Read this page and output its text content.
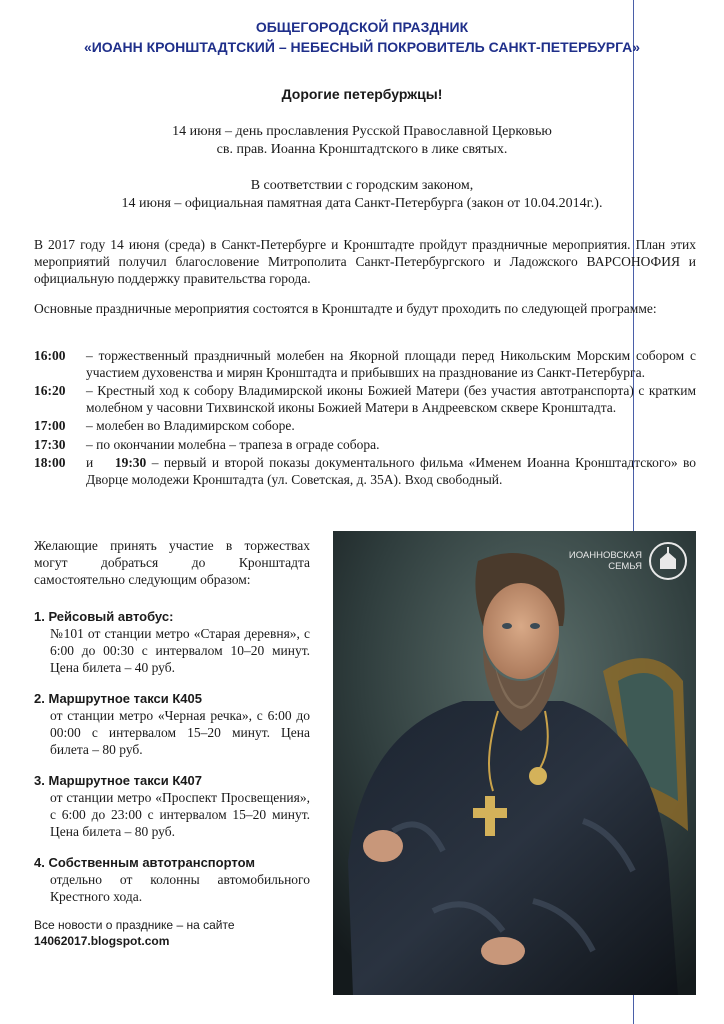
ОБЩЕГОРОДСКОЙ ПРАЗДНИК
«ИОАНН КРОНШТАДТСКИЙ – НЕБЕСНЫЙ ПОКРОВИТЕЛЬ САНКТ-ПЕТЕРБУРГА»
Дорогие петербуржцы!
14 июня – день прославления Русской Православной Церковью
св. прав. Иоанна Кронштадтского в лике святых.
В соответствии с городским законом,
14 июня – официальная памятная дата Санкт-Петербурга (закон от 10.04.2014г.).
В 2017 году 14 июня (среда) в Санкт-Петербурге и Кронштадте пройдут праздничные мероприятия. План этих мероприятий получил благословение Митрополита Санкт-Петербургского и Ладожского ВАРСОНОФИЯ и официальную поддержку правительства города.
Основные праздничные мероприятия состоятся в Кронштадте и будут проходить по следующей программе:
16:00	– торжественный праздничный молебен на Якорной площади перед Никольским Морским собором с участием духовенства и мирян Кронштадта и прибывших на празднование из Санкт-Петербурга.
16:20	– Крестный ход к собору Владимирской иконы Божией Матери (без участия автотранспорта) с кратким молебном у часовни Тихвинской иконы Божией Матери в Андреевском сквере Кронштадта.
17:00	– молебен во Владимирском соборе.
17:30	– по окончании молебна – трапеза в ограде собора.
18:00	и 19:30 – первый и второй показы документального фильма «Именем Иоанна Кронштадтского» во Дворце молодежи Кронштадта (ул. Советская, д. 35А). Вход свободный.
Желающие принять участие в торжествах могут добраться до Кронштадта самостоятельно следующим образом:
1. Рейсовый автобус:
№101 от станции метро «Старая деревня», с 6:00 до 00:30 с интервалом 10–20 минут. Цена билета – 40 руб.
2. Маршрутное такси К405
от станции метро «Черная речка», с 6:00 до 00:00 с интервалом 15–20 минут. Цена билета – 80 руб.
3. Маршрутное такси К407
от станции метро «Проспект Просвещения», с 6:00 до 23:00 с интервалом 15–20 минут. Цена билета – 80 руб.
4. Собственным автотранспортом
отдельно от колонны автомобильного Крестного хода.
Все новости о празднике – на сайте
14062017.blogspot.com
ИОАННОВСКАЯ
СЕМЬЯ
